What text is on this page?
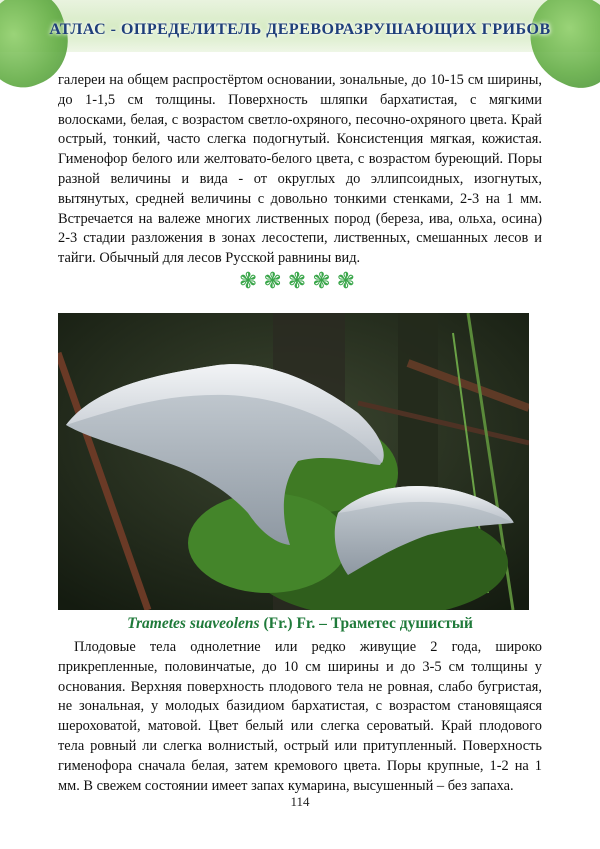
АТЛАС - ОПРЕДЕЛИТЕЛЬ ДЕРЕВОРАЗРУШАЮЩИХ ГРИБОВ

галереи на общем распростёртом основании, зональные, до 10-15 см ширины, до 1-1,5 см толщины. Поверхность шляпки бархатистая, с мягкими волосками, белая, с возрастом светло-охряного, песочно-охряного цвета. Край острый, тонкий, часто слегка подогнутый. Консистенция мягкая, кожистая. Гименофор белого или желтовато-белого цвета, с возрастом буреющий. Поры разной величины и вида - от округлых до эллипсоидных, изогнутых, вытянутых, средней величины с довольно тонкими стенками, 2-3 на 1 мм. Встречается на валеже многих лиственных пород (береза, ива, ольха, осина) 2-3 стадии разложения в зонах лесостепи, лиственных, смешанных лесов и тайги. Обычный для лесов Русской равнины вид.

❃❃❃❃❃
Trametes suaveolens (Fr.) Fr. – Траметес душистый

Плодовые тела однолетние или редко живущие 2 года, широко прикрепленные, половинчатые, до 10 см ширины и до 3-5 см толщины у основания. Верхняя поверхность плодового тела не ровная, слабо бугристая, не зональная, у молодых базидиом бархатистая, с возрастом становящаяся шероховатой, матовой. Цвет белый или слегка сероватый. Край плодового тела ровный ли слегка волнистый, острый или притупленный. Поверхность гименофора сначала белая, затем кремового цвета. Поры крупные, 1-2 на 1 мм. В свежем состоянии имеет запах кумарина, высушенный – без запаха.

114
